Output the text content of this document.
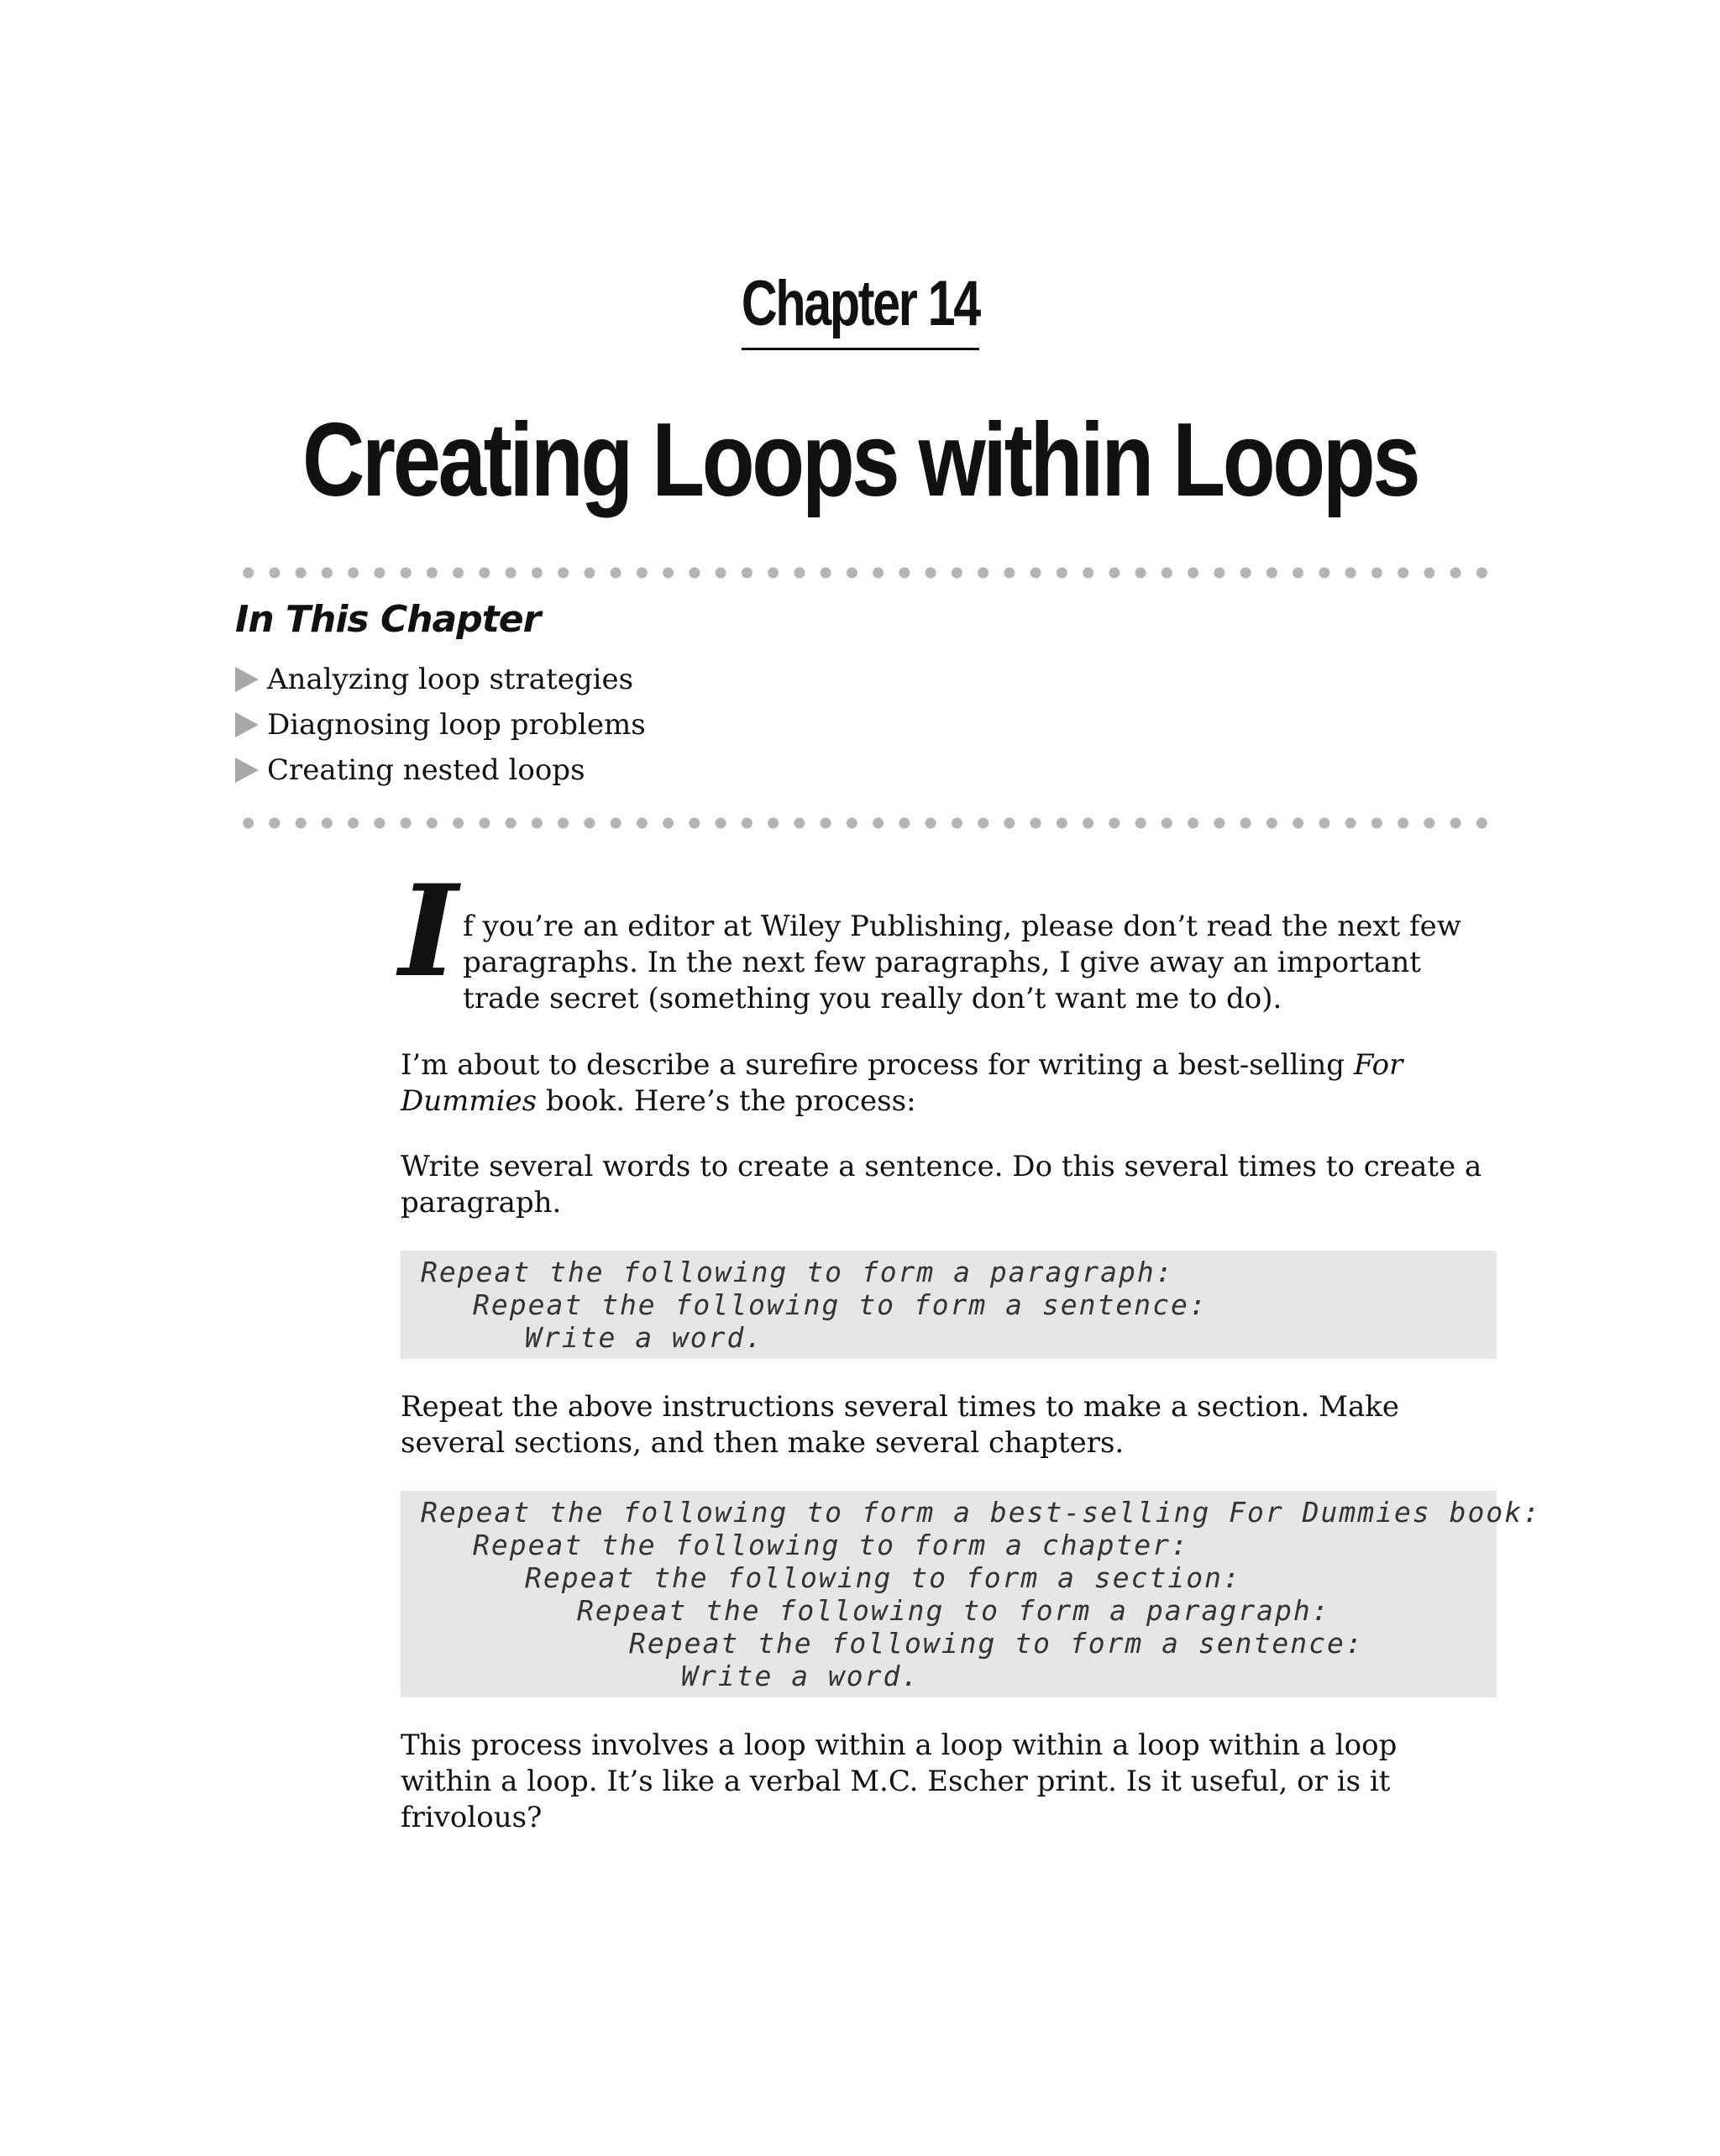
Chapter 14
Creating Loops within Loops
In This Chapter
Analyzing loop strategies
Diagnosing loop problems
Creating nested loops

If you’re an editor at Wiley Publishing, please don’t read the next few paragraphs. In the next few paragraphs, I give away an important trade secret (something you really don’t want me to do).

I’m about to describe a surefire process for writing a best-selling For Dummies book. Here’s the process:

Write several words to create a sentence. Do this several times to create a paragraph.

Repeat the following to form a paragraph:
Repeat the following to form a sentence:
Write a word.

Repeat the above instructions several times to make a section. Make several sections, and then make several chapters.

Repeat the following to form a best-selling For Dummies book:
Repeat the following to form a chapter:
Repeat the following to form a section:
Repeat the following to form a paragraph:
Repeat the following to form a sentence:
Write a word.

This process involves a loop within a loop within a loop within a loop within a loop. It’s like a verbal M.C. Escher print. Is it useful, or is it frivolous?
